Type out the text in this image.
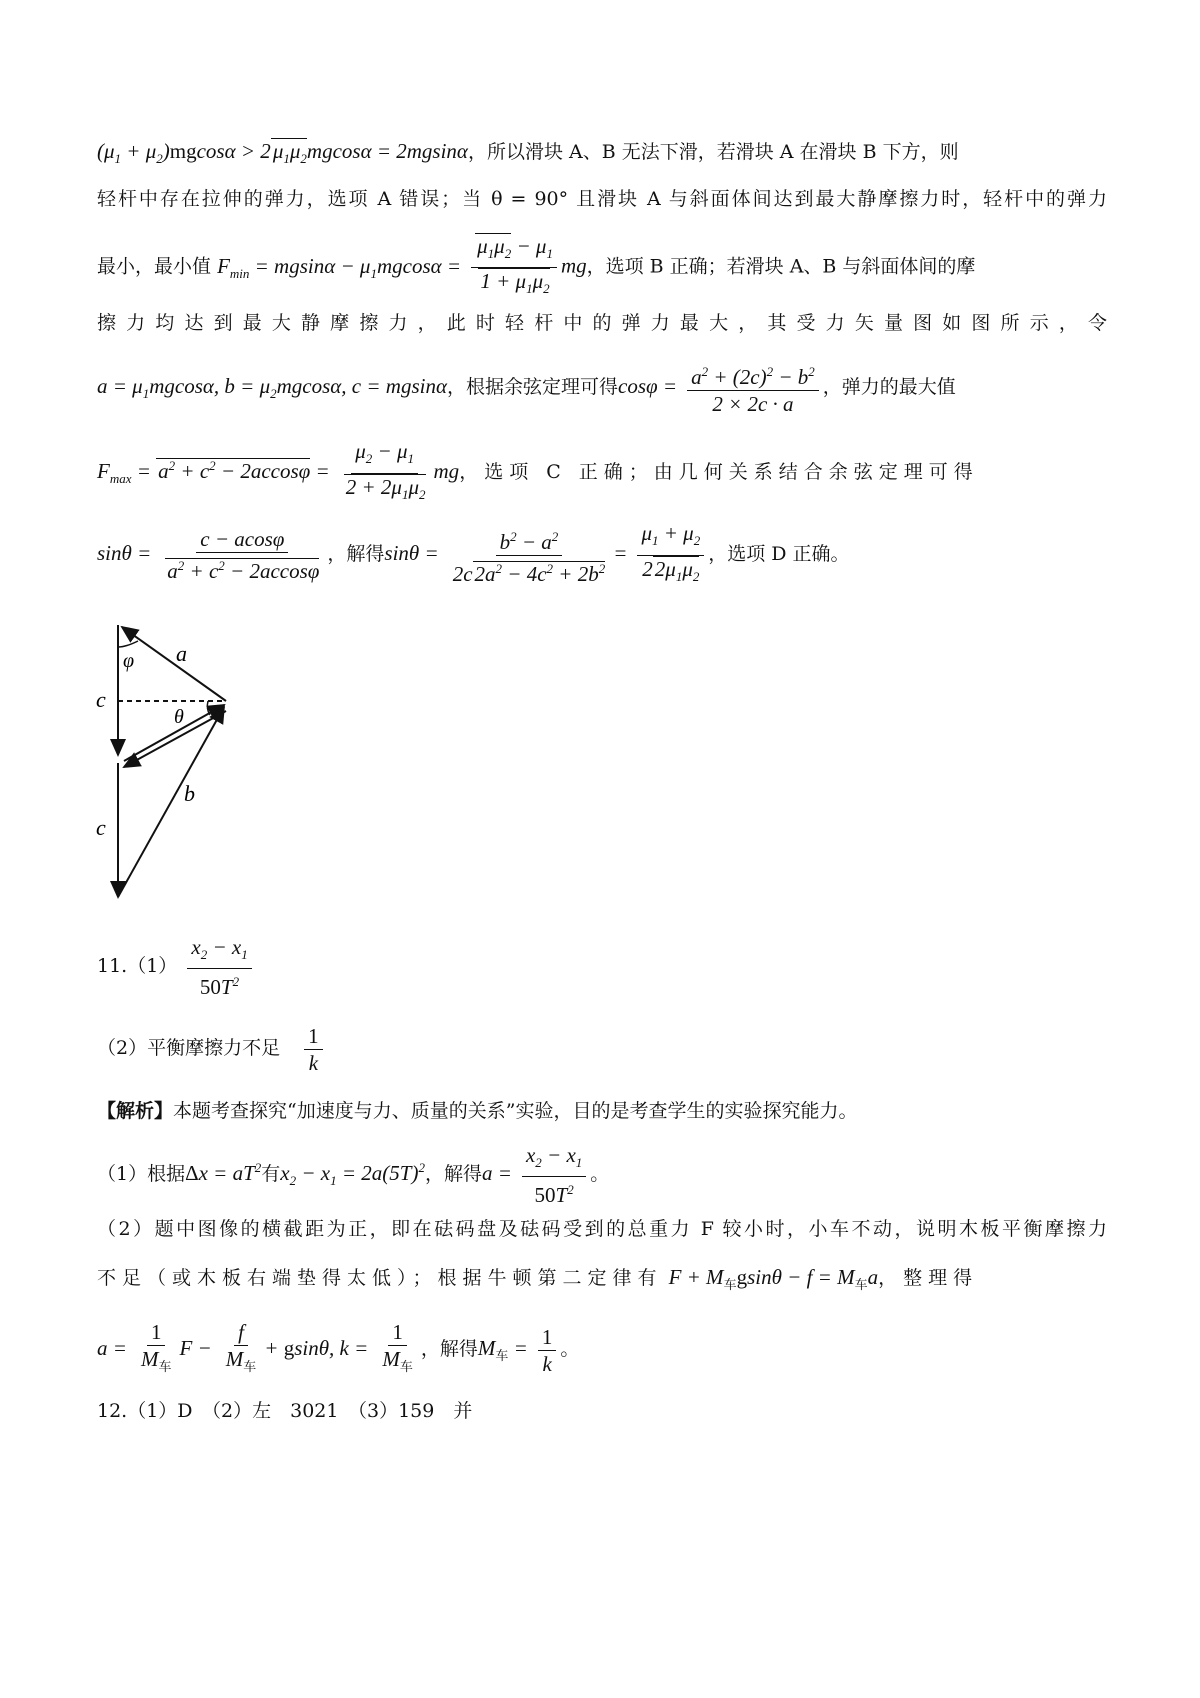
$(\mu_1 + \mu_2)mgcos\alpha > 2\mu_1\mu_2mgcos\alpha = 2mgsin\alpha$，所以滑块 A、B 无法下滑，若滑块 A 在滑块 B 下方，则
轻杆中存在拉伸的弹力，选项 A 错误；当 θ = 90° 且滑块 A 与斜面体间达到最大静摩擦力时，轻杆中的弹力
最小，最小值 $F_{min} = mgsin\alpha - \mu_1mgcos\alpha = \frac{\mu_1\mu_2 - \mu_1}{1 + \mu_1\mu_2}$ mg，选项 B 正确；若滑块 A、B 与斜面体间的摩
擦力均达到最大静摩擦力，此时轻杆中的弹力最大，其受力矢量图如图所示，令
$a = \mu_1mgcos\alpha$, $b = \mu_2mgcos\alpha$, c = mgsinα，根据余弦定理可得$\cos\varphi = \frac{a^2 + (2c)^2 - b^2}{2 \times 2c \cdot a}$ ，弹力的最大值
$F_{max} = a^2 + c^2 - 2accos\varphi = \frac{\mu_2 - \mu_1}{2 + 2\mu_1\mu_2}$ mg，选项 C 正确；由几何关系结合余弦定理可得
$\sin\theta = \frac{c - acos\varphi}{a^2 + c^2 - 2accos\varphi}$ ，解得$\sin\theta = \frac{b^2 - a^2}{2c2a^2 - 4c^2 + 2b^2} = \frac{\mu_1 + \mu_2}{22\mu_1\mu_2}$ ，选项 D 正确。
φ a
c
θ
b
c
$11.(1) \frac{x_2 - x_1}{50T^2}$
（2）平衡摩擦力不足 $\frac{1}{k}$
【解析】本题考查探究“加速度与力、质量的关系”实验，目的是考查学生的实验探究能力。
（1）根据$\Delta x = aT^2$有$x_2 - x_1 = 2a(5T)^2$，解得$a = \frac{x_2 - x_1}{50T^2}$ 。
（2）题中图像的横截距为正，即在砝码盘及砝码受到的总重力 F 较小时，小车不动，说明木板平衡摩擦力
不足（或木板右端垫得太低）；根据牛顿第二定律有 $F + M_车gsin\theta - f = M_车a$，整理得
$a = \frac{1}{M_车}$ $F - \frac{f}{M_车} + gsin\theta$, $k = \frac{1}{M_车}$ ，解得$M_车 = \frac{1}{k}$ 。
12.（1）D　（2）左　3021　（3）159　并
